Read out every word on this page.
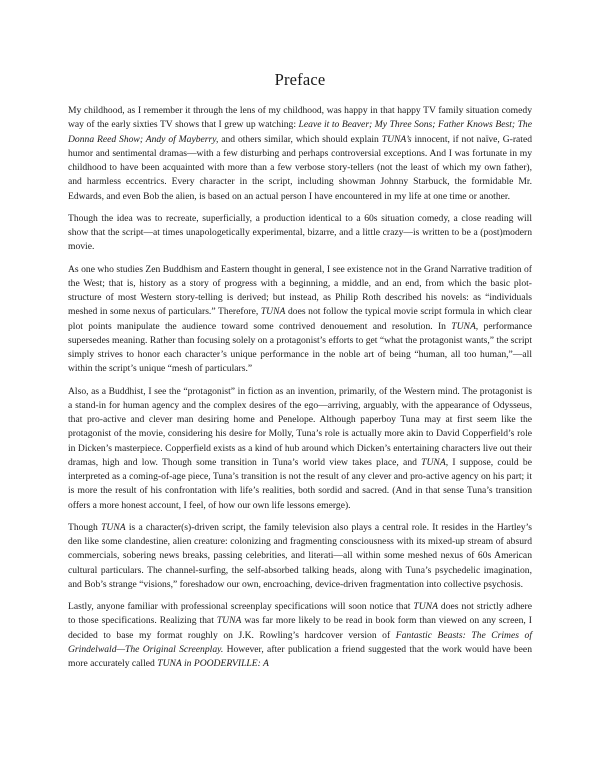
Preface

My childhood, as I remember it through the lens of my childhood, was happy in that happy TV family situation comedy way of the early sixties TV shows that I grew up watching: Leave it to Beaver; My Three Sons; Father Knows Best; The Donna Reed Show; Andy of Mayberry, and others similar, which should explain TUNA’s innocent, if not naïve, G-rated humor and sentimental dramas—with a few disturbing and perhaps controversial exceptions. And I was fortunate in my childhood to have been acquainted with more than a few verbose story-tellers (not the least of which my own father), and harmless eccentrics. Every character in the script, including showman Johnny Starbuck, the formidable Mr. Edwards, and even Bob the alien, is based on an actual person I have encountered in my life at one time or another.

Though the idea was to recreate, superficially, a production identical to a 60s situation comedy, a close reading will show that the script—at times unapologetically experimental, bizarre, and a little crazy—is written to be a (post)modern movie.

As one who studies Zen Buddhism and Eastern thought in general, I see existence not in the Grand Narrative tradition of the West; that is, history as a story of progress with a beginning, a middle, and an end, from which the basic plot-structure of most Western story-telling is derived; but instead, as Philip Roth described his novels: as “individuals meshed in some nexus of particulars.” Therefore, TUNA does not follow the typical movie script formula in which clear plot points manipulate the audience toward some contrived denouement and resolution. In TUNA, performance supersedes meaning. Rather than focusing solely on a protagonist’s efforts to get “what the protagonist wants,” the script simply strives to honor each character’s unique performance in the noble art of being “human, all too human,”—all within the script’s unique “mesh of particulars.”

Also, as a Buddhist, I see the “protagonist” in fiction as an invention, primarily, of the Western mind. The protagonist is a stand-in for human agency and the complex desires of the ego—arriving, arguably, with the appearance of Odysseus, that pro-active and clever man desiring home and Penelope. Although paperboy Tuna may at first seem like the protagonist of the movie, considering his desire for Molly, Tuna’s role is actually more akin to David Copperfield’s role in Dicken’s masterpiece. Copperfield exists as a kind of hub around which Dicken’s entertaining characters live out their dramas, high and low. Though some transition in Tuna’s world view takes place, and TUNA, I suppose, could be interpreted as a coming-of-age piece, Tuna’s transition is not the result of any clever and pro-active agency on his part; it is more the result of his confrontation with life’s realities, both sordid and sacred. (And in that sense Tuna’s transition offers a more honest account, I feel, of how our own life lessons emerge).

Though TUNA is a character(s)-driven script, the family television also plays a central role. It resides in the Hartley’s den like some clandestine, alien creature: colonizing and fragmenting consciousness with its mixed-up stream of absurd commercials, sobering news breaks, passing celebrities, and literati—all within some meshed nexus of 60s American cultural particulars. The channel-surfing, the self-absorbed talking heads, along with Tuna’s psychedelic imagination, and Bob’s strange “visions,” foreshadow our own, encroaching, device-driven fragmentation into collective psychosis.

Lastly, anyone familiar with professional screenplay specifications will soon notice that TUNA does not strictly adhere to those specifications. Realizing that TUNA was far more likely to be read in book form than viewed on any screen, I decided to base my format roughly on J.K. Rowling’s hardcover version of Fantastic Beasts: The Crimes of Grindelwald—The Original Screenplay. However, after publication a friend suggested that the work would have been more accurately called TUNA in POODERVILLE: A
